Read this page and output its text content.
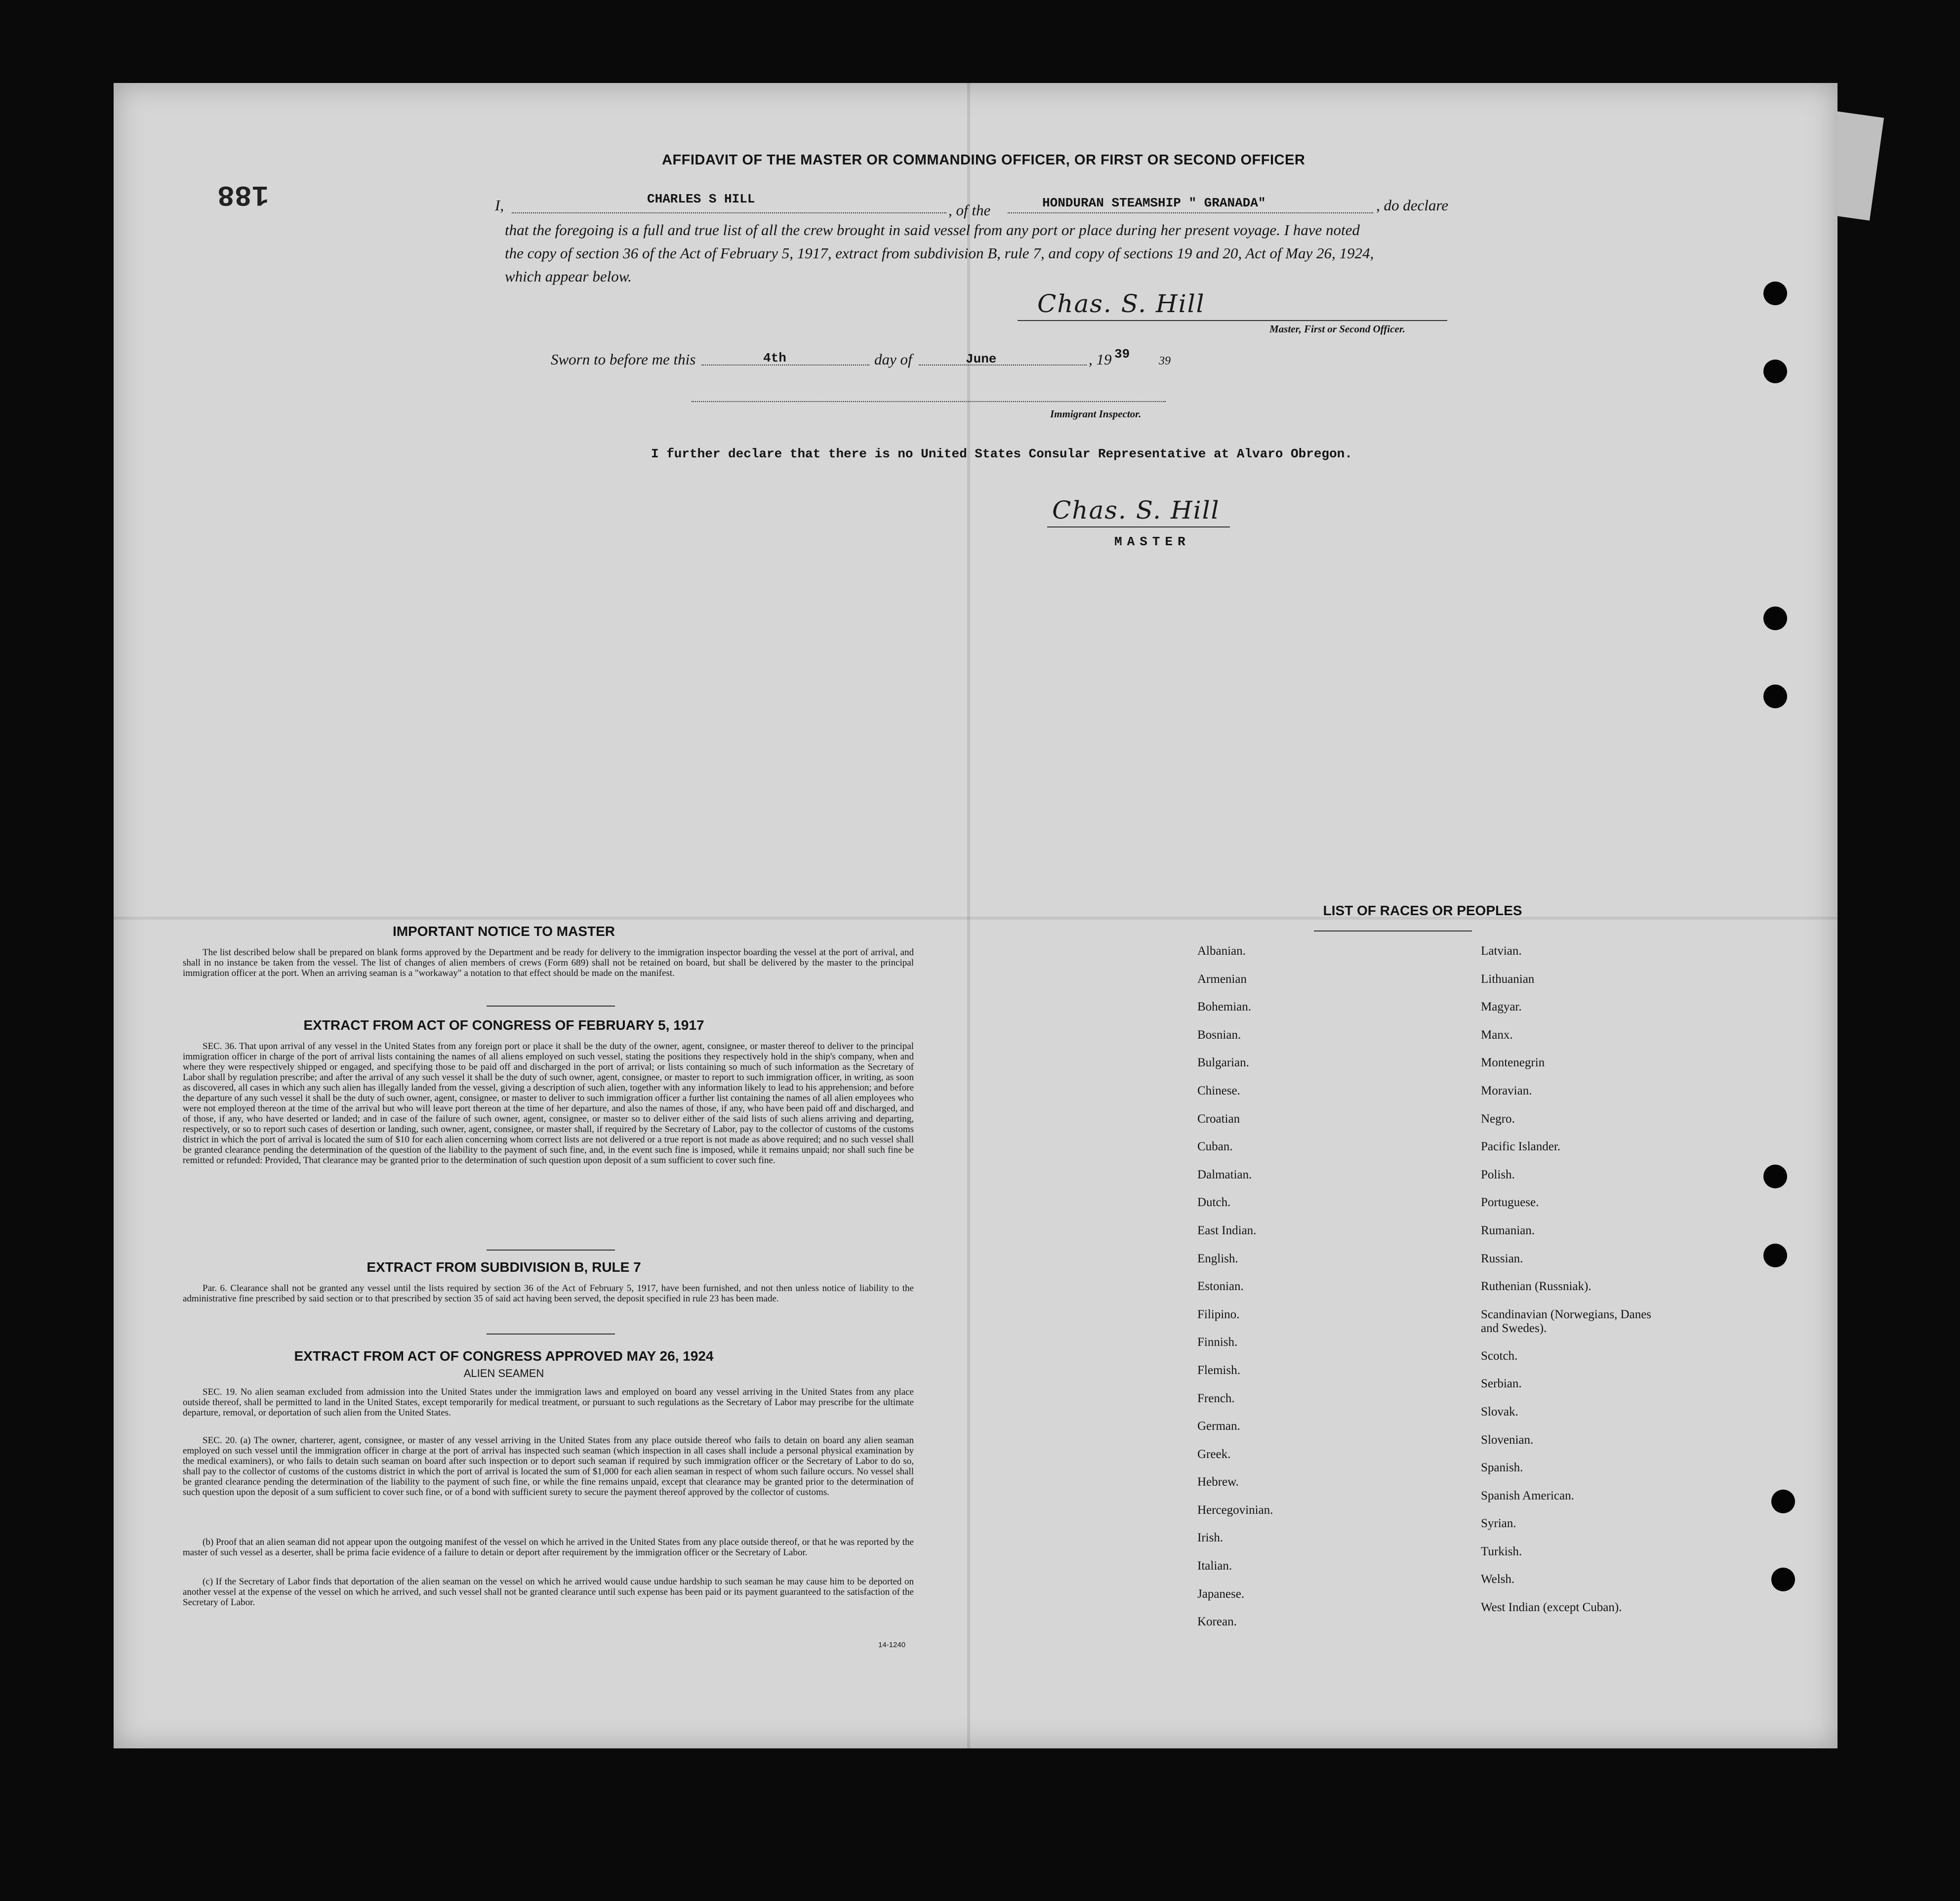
188
AFFIDAVIT OF THE MASTER OR COMMANDING OFFICER, OR FIRST OR SECOND OFFICER
I,	CHARLES S HILL
, of the	HONDURAN STEAMSHIP " GRANADA"	, do declare
that the foregoing is a full and true list of all the crew brought in said vessel from any port or place during her present voyage. I have noted
the copy of section 36 of the Act of February 5, 1917, extract from subdivision B, rule 7, and copy of sections 19 and 20, Act of May 26, 1924,
which appear below.
Chas. S. Hill
Master, First or Second Officer.
Sworn to before me this	4th	day of	June	, 19 39 39
Immigrant Inspector.
I further declare that there is no United States Consular Representative at Alvaro Obregon.
Chas. S. Hill
MASTER
IMPORTANT NOTICE TO MASTER
The list described below shall be prepared on blank forms approved by the Department and be ready for delivery to the immigration inspector boarding the vessel at the port of arrival, and shall in no instance be taken from the vessel. The list of changes of alien members of crews (Form 689) shall not be retained on board, but shall be delivered by the master to the principal immigration officer at the port. When an arriving seaman is a "workaway" a notation to that effect should be made on the manifest.
EXTRACT FROM ACT OF CONGRESS OF FEBRUARY 5, 1917
SEC. 36. That upon arrival of any vessel in the United States from any foreign port or place it shall be the duty of the owner, agent, consignee, or master thereof to deliver to the principal immigration officer in charge of the port of arrival lists containing the names of all aliens employed on such vessel, stating the positions they respectively hold in the ship's company, when and where they were respectively shipped or engaged, and specifying those to be paid off and discharged in the port of arrival; or lists containing so much of such information as the Secretary of Labor shall by regulation prescribe; and after the arrival of any such vessel it shall be the duty of such owner, agent, consignee, or master to report to such immigration officer, in writing, as soon as discovered, all cases in which any such alien has illegally landed from the vessel, giving a description of such alien, together with any information likely to lead to his apprehension; and before the departure of any such vessel it shall be the duty of such owner, agent, consignee, or master to deliver to such immigration officer a further list containing the names of all alien employees who were not employed thereon at the time of the arrival but who will leave port thereon at the time of her departure, and also the names of those, if any, who have been paid off and discharged, and of those, if any, who have deserted or landed; and in case of the failure of such owner, agent, consignee, or master so to deliver either of the said lists of such aliens arriving and departing, respectively, or so to report such cases of desertion or landing, such owner, agent, consignee, or master shall, if required by the Secretary of Labor, pay to the collector of customs of the customs district in which the port of arrival is located the sum of $10 for each alien concerning whom correct lists are not delivered or a true report is not made as above required; and no such vessel shall be granted clearance pending the determination of the question of the liability to the payment of such fine, and, in the event such fine is imposed, while it remains unpaid; nor shall such fine be remitted or refunded: Provided, That clearance may be granted prior to the determination of such question upon deposit of a sum sufficient to cover such fine.
EXTRACT FROM SUBDIVISION B, RULE 7
Par. 6. Clearance shall not be granted any vessel until the lists required by section 36 of the Act of February 5, 1917, have been furnished, and not then unless notice of liability to the administrative fine prescribed by said section or to that prescribed by section 35 of said act having been served, the deposit specified in rule 23 has been made.
EXTRACT FROM ACT OF CONGRESS APPROVED MAY 26, 1924
ALIEN SEAMEN
SEC. 19. No alien seaman excluded from admission into the United States under the immigration laws and employed on board any vessel arriving in the United States from any place outside thereof, shall be permitted to land in the United States, except temporarily for medical treatment, or pursuant to such regulations as the Secretary of Labor may prescribe for the ultimate departure, removal, or deportation of such alien from the United States.
SEC. 20. (a) The owner, charterer, agent, consignee, or master of any vessel arriving in the United States from any place outside thereof who fails to detain on board any alien seaman employed on such vessel until the immigration officer in charge at the port of arrival has inspected such seaman (which inspection in all cases shall include a personal physical examination by the medical examiners), or who fails to detain such seaman on board after such inspection or to deport such seaman if required by such immigration officer or the Secretary of Labor to do so, shall pay to the collector of customs of the customs district in which the port of arrival is located the sum of $1,000 for each alien seaman in respect of whom such failure occurs. No vessel shall be granted clearance pending the determination of the liability to the payment of such fine, or while the fine remains unpaid, except that clearance may be granted prior to the determination of such question upon the deposit of a sum sufficient to cover such fine, or of a bond with sufficient surety to secure the payment thereof approved by the collector of customs.
(b) Proof that an alien seaman did not appear upon the outgoing manifest of the vessel on which he arrived in the United States from any place outside thereof, or that he was reported by the master of such vessel as a deserter, shall be prima facie evidence of a failure to detain or deport after requirement by the immigration officer or the Secretary of Labor.
(c) If the Secretary of Labor finds that deportation of the alien seaman on the vessel on which he arrived would cause undue hardship to such seaman he may cause him to be deported on another vessel at the expense of the vessel on which he arrived, and such vessel shall not be granted clearance until such expense has been paid or its payment guaranteed to the satisfaction of the Secretary of Labor.
14-1240
LIST OF RACES OR PEOPLES
Albanian.
Armenian
Bohemian.
Bosnian.
Bulgarian.
Chinese.
Croatian
Cuban.
Dalmatian.
Dutch.
East Indian.
English.
Estonian.
Filipino.
Finnish.
Flemish.
French.
German.
Greek.
Hebrew.
Hercegovinian.
Irish.
Italian.
Japanese.
Korean.
Latvian.
Lithuanian
Magyar.
Manx.
Montenegrin
Moravian.
Negro.
Pacific Islander.
Polish.
Portuguese.
Rumanian.
Russian.
Ruthenian (Russniak).
Scandinavian (Norwegians, Danes and Swedes).
Scotch.
Serbian.
Slovak.
Slovenian.
Spanish.
Spanish American.
Syrian.
Turkish.
Welsh.
West Indian (except Cuban).
